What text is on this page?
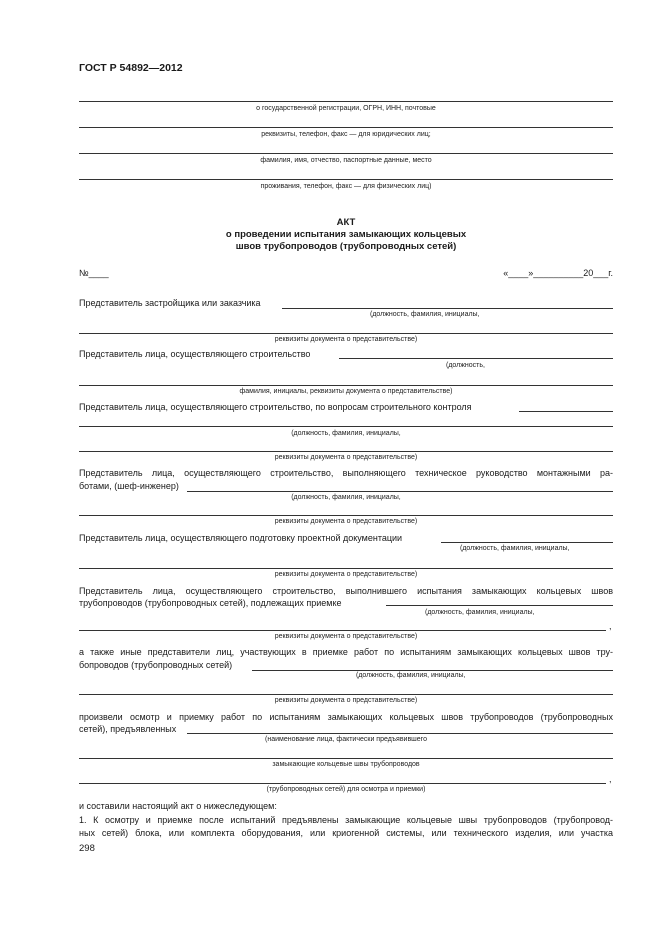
ГОСТ Р 54892—2012
о государственной регистрации, ОГРН, ИНН, почтовые
реквизиты, телефон, факс — для юридических лиц;
фамилия, имя, отчество, паспортные данные, место
проживания, телефон, факс — для физических лиц)
АКТ
о проведении испытания замыкающих кольцевых
швов трубопроводов (трубопроводных сетей)
№____	«____»__________20___г.
Представитель застройщика или заказчика
(должность, фамилия, инициалы,
реквизиты документа о представительстве)
Представитель лица, осуществляющего строительство
(должность,
фамилия, инициалы, реквизиты документа о представительстве)
Представитель лица, осуществляющего строительство, по вопросам строительного контроля
(должность, фамилия, инициалы,
реквизиты документа о представительстве)
Представитель лица, осуществляющего строительство, выполняющего техническое руководство монтажными ра-
ботами, (шеф-инженер)
(должность, фамилия, инициалы,
реквизиты документа о представительстве)
Представитель лица, осуществляющего подготовку проектной документации
(должность, фамилия, инициалы,
реквизиты документа о представительстве)
Представитель лица, осуществляющего строительство, выполнившего испытания замыкающих кольцевых швов
трубопроводов (трубопроводных сетей), подлежащих приемке
(должность, фамилия, инициалы,
,
реквизиты документа о представительстве)
а также иные представители лиц, участвующих в приемке работ по испытаниям замыкающих кольцевых швов тру-
бопроводов (трубопроводных сетей)
(должность, фамилия, инициалы,
реквизиты документа о представительстве)
произвели осмотр и приемку работ по испытаниям замыкающих кольцевых швов трубопроводов (трубопроводных
сетей), предъявленных
(наименование лица, фактически предъявившего
замыкающие кольцевые швы трубопроводов
,
(трубопроводных сетей) для осмотра и приемки)
и составили настоящий акт о нижеследующем:
1. К осмотру и приемке после испытаний предъявлены замыкающие кольцевые швы трубопроводов (трубопровод-
ных сетей) блока, или комплекта оборудования, или криогенной системы, или технического изделия, или участка
298
